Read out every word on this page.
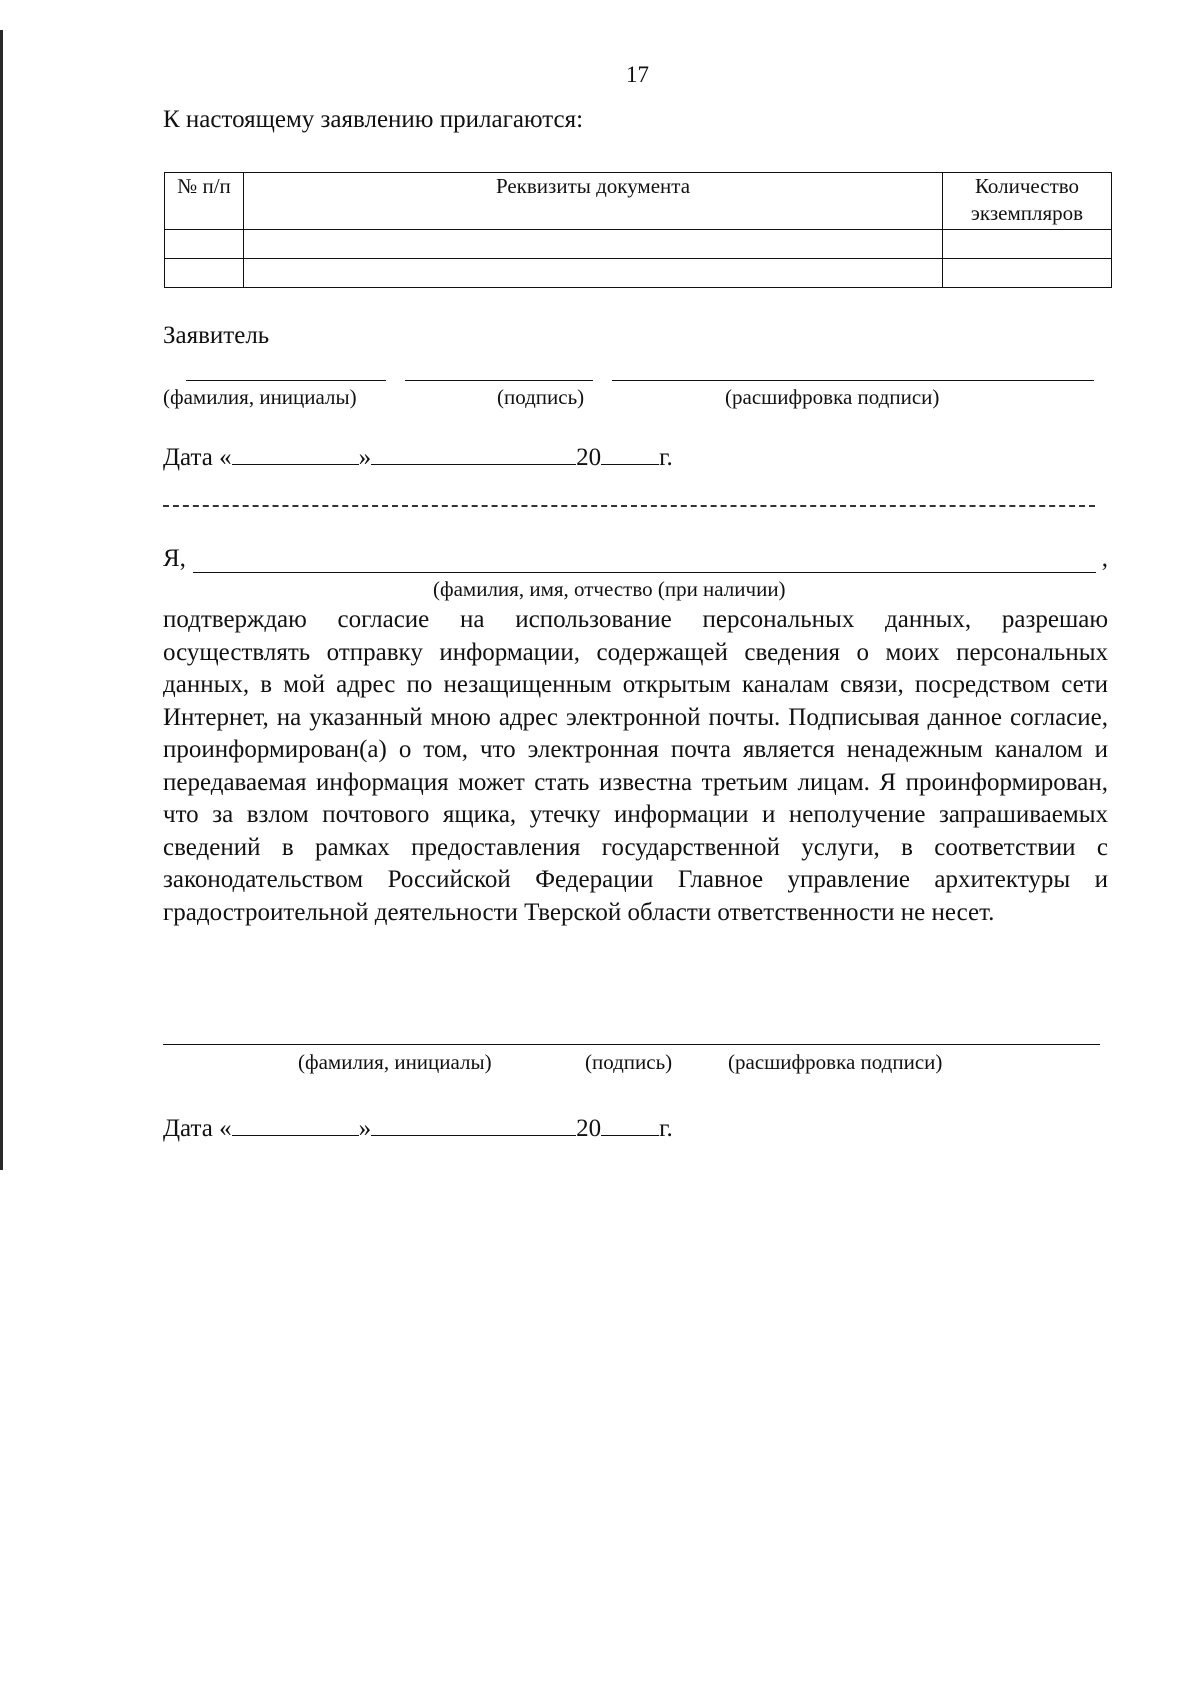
17
К настоящему заявлению прилагаются:
№ п/п	Реквизиты документа	Количество экземпляров

Заявитель
(фамилия, инициалы)	(подпись)	(расшифровка подписи)
Дата «	»	20 г.
Я,	,
(фамилия, имя, отчество (при наличии)

подтверждаю согласие на использование персональных данных, разрешаю осуществлять отправку информации, содержащей сведения о моих персональных данных, в мой адрес по незащищенным открытым каналам связи, посредством сети Интернет, на указанный мною адрес электронной почты. Подписывая данное согласие, проинформирован(а) о том, что электронная почта является ненадежным каналом и передаваемая информация может стать известна третьим лицам. Я проинформирован, что за взлом почтового ящика, утечку информации и неполучение запрашиваемых сведений в рамках предоставления государственной услуги, в соответствии с законодательством Российской Федерации Главное управление архитектуры и градостроительной деятельности Тверской области ответственности не несет.

(фамилия, инициалы)	(подпись)	(расшифровка подписи)
Дата «	»	20 г.
